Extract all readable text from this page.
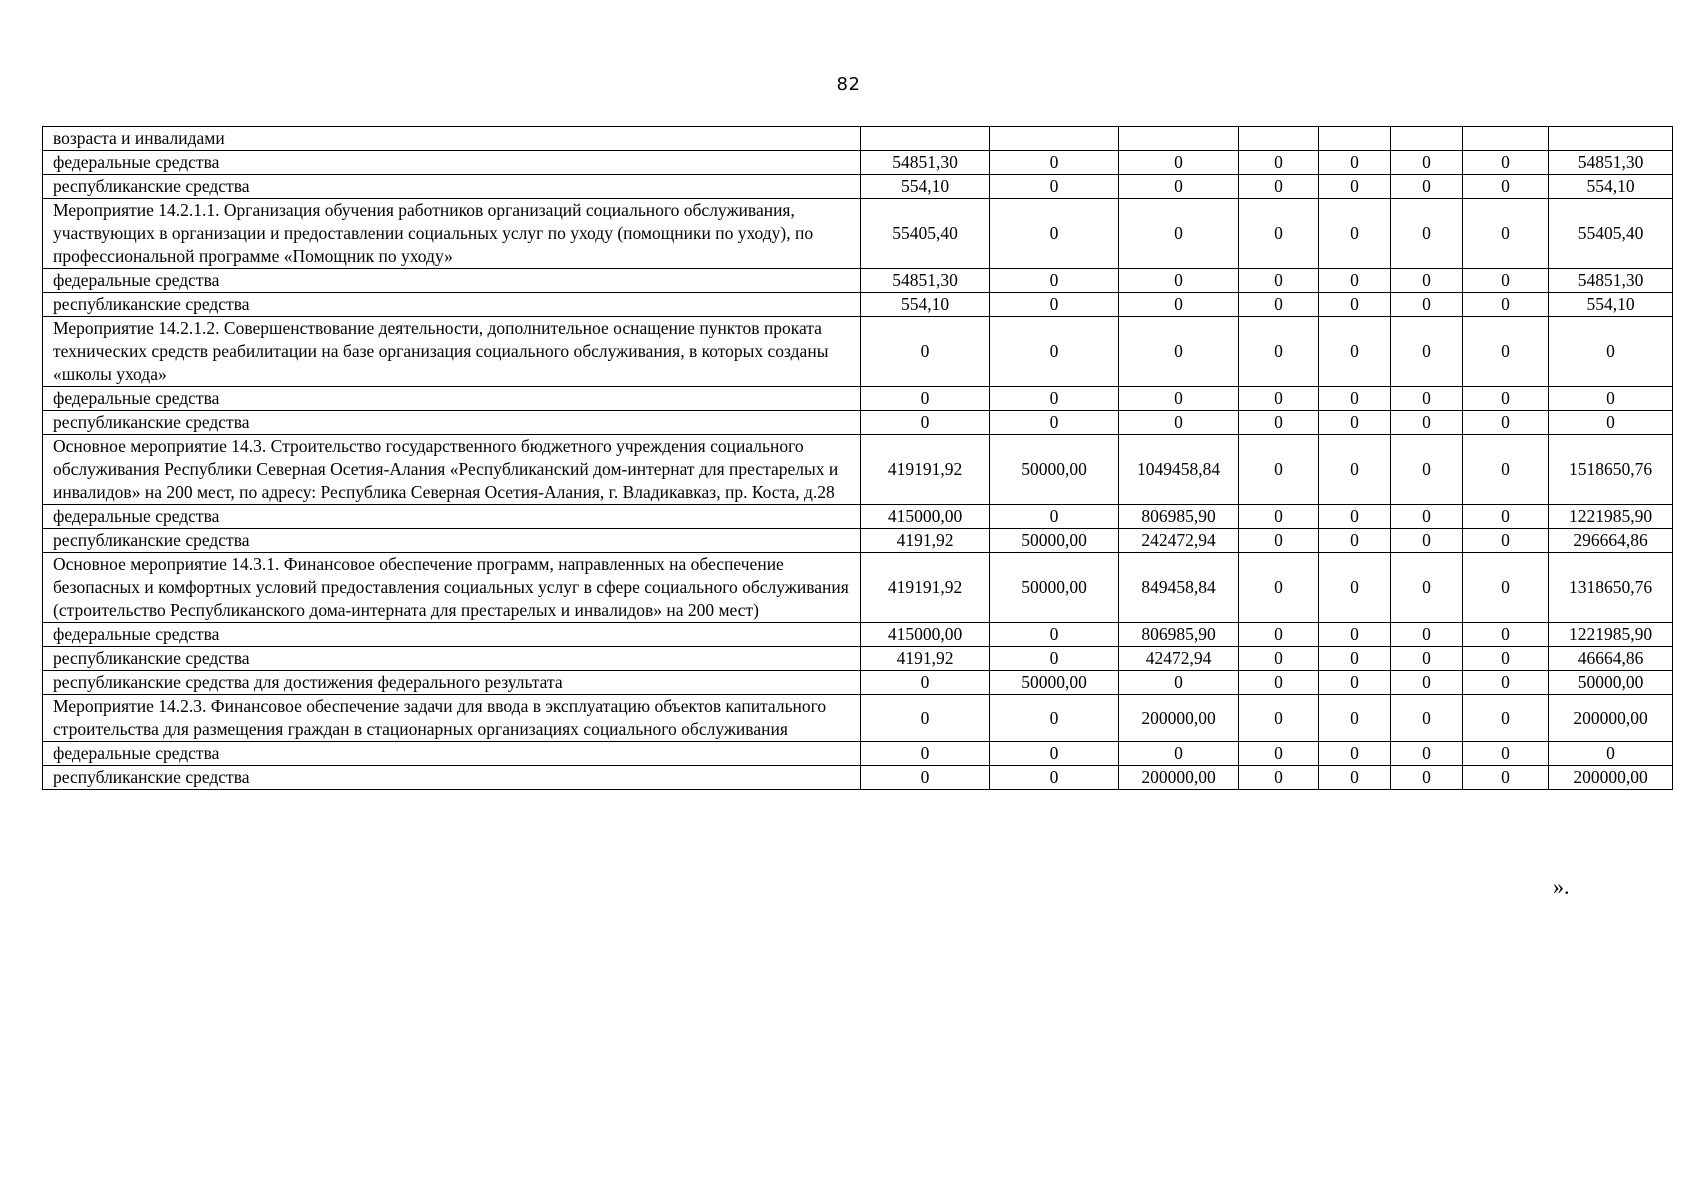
82
возраста и инвалидами								
федеральные средства	54851,30	0	0	0	0	0	0	54851,30
республиканские средства	554,10	0	0	0	0	0	0	554,10
Мероприятие 14.2.1.1. Организация обучения работников организаций социального обслуживания, участвующих в организации и предоставлении социальных услуг по уходу (помощники по уходу), по профессиональной программе «Помощник по уходу»	55405,40	0	0	0	0	0	0	55405,40
федеральные средства	54851,30	0	0	0	0	0	0	54851,30
республиканские средства	554,10	0	0	0	0	0	0	554,10
Мероприятие 14.2.1.2. Совершенствование деятельности, дополнительное оснащение пунктов проката технических средств реабилитации на базе организация социального обслуживания, в которых созданы «школы ухода»	0	0	0	0	0	0	0	0
федеральные средства	0	0	0	0	0	0	0	0
республиканские средства	0	0	0	0	0	0	0	0
Основное мероприятие 14.3. Строительство государственного бюджетного учреждения социального обслуживания Республики Северная Осетия-Алания «Республиканский дом-интернат для престарелых и инвалидов» на 200 мест, по адресу: Республика Северная Осетия-Алания, г. Владикавказ, пр. Коста, д.28	419191,92	50000,00	1049458,84	0	0	0	0	1518650,76
федеральные средства	415000,00	0	806985,90	0	0	0	0	1221985,90
республиканские средства	4191,92	50000,00	242472,94	0	0	0	0	296664,86
Основное мероприятие 14.3.1. Финансовое обеспечение программ, направленных на обеспечение безопасных и комфортных условий предоставления социальных услуг в сфере социального обслуживания (строительство Республиканского дома-интерната для престарелых и инвалидов» на 200 мест)	419191,92	50000,00	849458,84	0	0	0	0	1318650,76
федеральные средства	415000,00	0	806985,90	0	0	0	0	1221985,90
республиканские средства	4191,92	0	42472,94	0	0	0	0	46664,86
республиканские средства для достижения федерального результата	0	50000,00	0	0	0	0	0	50000,00
Мероприятие 14.2.3. Финансовое обеспечение задачи для ввода в эксплуатацию объектов капитального строительства для размещения граждан в стационарных организациях социального обслуживания	0	0	200000,00	0	0	0	0	200000,00
федеральные средства	0	0	0	0	0	0	0	0
республиканские средства	0	0	200000,00	0	0	0	0	200000,00
».
